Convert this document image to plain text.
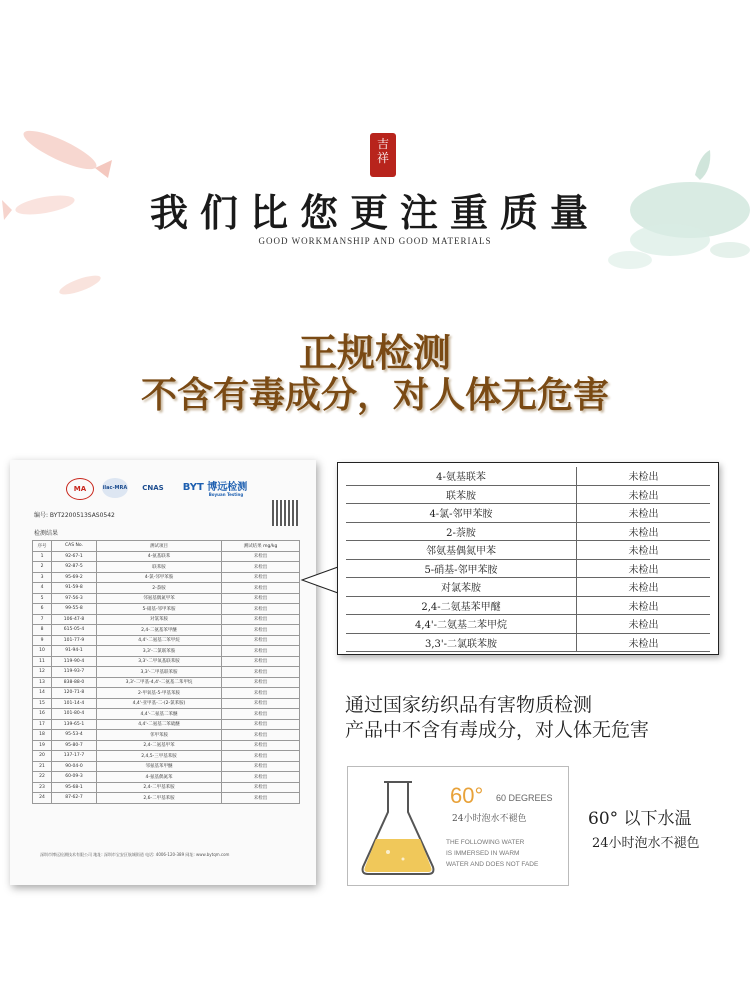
吉
祥
我们比您更注重质量
GOOD WORKMANSHIP AND GOOD MATERIALS
正规检测
不含有毒成分，对人体无危害
MA	ilac-MRA	CNAS	BYT 博远检测
Boyuan Testing
编号: BYT2200513SAS0542
检测结果
序号	CAS No.	测试项目	测试结果 mg/kg
1	92-67-1	4-氨基联苯	未检出
2	92-87-5	联苯胺	未检出
3	95-69-2	4-氯-邻甲苯胺	未检出
4	91-59-8	2-萘胺	未检出
5	97-56-3	邻氨基偶氮甲苯	未检出
6	99-55-8	5-硝基-邻甲苯胺	未检出
7	106-47-8	对氯苯胺	未检出
8	615-05-4	2,4-二氨基苯甲醚	未检出
9	101-77-9	4,4'-二氨基二苯甲烷	未检出
10	91-94-1	3,3'-二氯联苯胺	未检出
11	119-90-4	3,3'-二甲氧基联苯胺	未检出
12	119-93-7	3,3'-二甲基联苯胺	未检出
13	838-88-0	3,3'-二甲基-4,4'-二氨基二苯甲烷	未检出
14	120-71-8	2-甲氧基-5-甲基苯胺	未检出
15	101-14-4	4,4'-亚甲基-二-(2-氯苯胺)	未检出
16	101-80-4	4,4'-二氨基二苯醚	未检出
17	139-65-1	4,4'-二氨基二苯硫醚	未检出
18	95-53-4	邻甲苯胺	未检出
19	95-80-7	2,4-二氨基甲苯	未检出
20	137-17-7	2,4,5-三甲基苯胺	未检出
21	90-04-0	邻氨基苯甲醚	未检出
22	60-09-3	4-氨基偶氮苯	未检出
23	95-68-1	2,4-二甲基苯胺	未检出
24	87-62-7	2,6-二甲基苯胺	未检出
深圳市博远检测技术有限公司 地址: 深圳市宝安区航城街道 电话: 4006-120-389 网址: www.bytqm.com
4-氨基联苯	未检出
联苯胺	未检出
4-氯-邻甲苯胺	未检出
2-萘胺	未检出
邻氨基偶氮甲苯	未检出
5-硝基-邻甲苯胺	未检出
对氯苯胺	未检出
2,4-二氨基苯甲醚	未检出
4,4'-二氨基二苯甲烷	未检出
3,3'-二氯联苯胺	未检出
通过国家纺织品有害物质检测
产品中不含有毒成分，对人体无危害
60° 60 DEGREES
24小时泡水不褪色
THE FOLLOWING WATER
IS IMMERSED IN WARM
WATER AND DOES NOT FADE
60° 以下水温
24小时泡水不褪色
